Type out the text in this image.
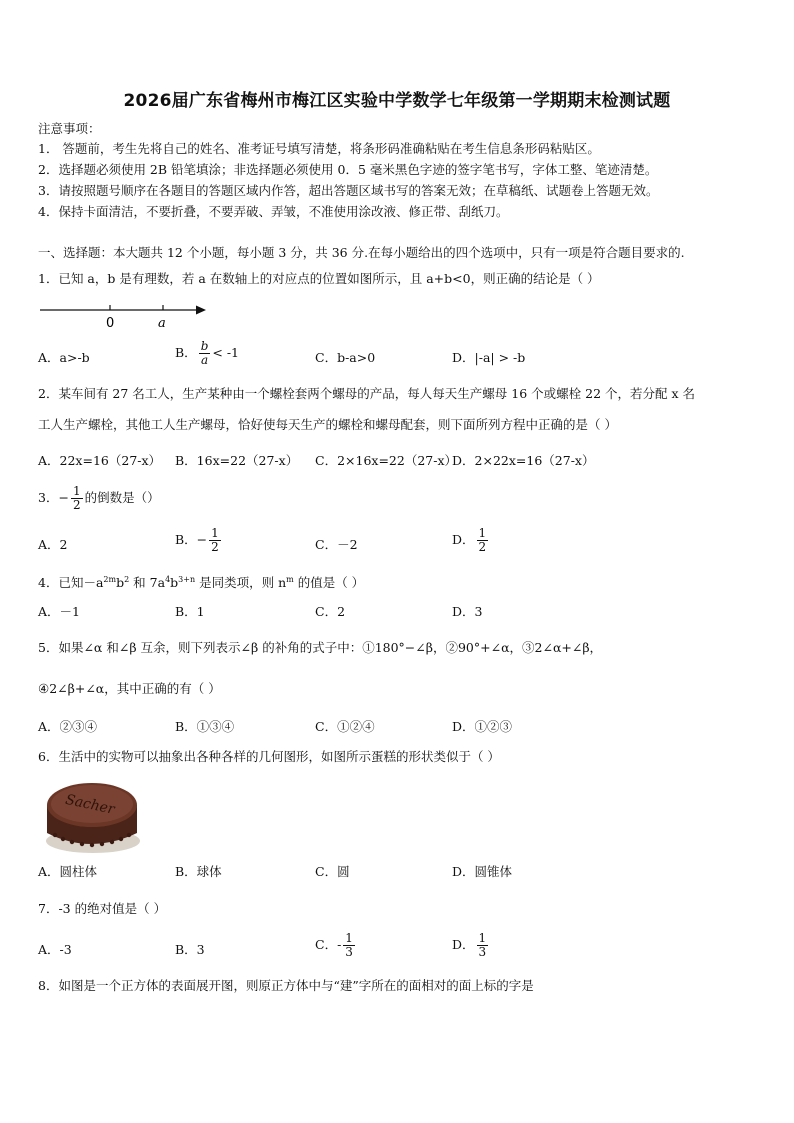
2026届广东省梅州市梅江区实验中学数学七年级第一学期期末检测试题
注意事项：
1． 答题前，考生先将自己的姓名、准考证号填写清楚，将条形码准确粘贴在考生信息条形码粘贴区。
2．选择题必须使用 2B 铅笔填涂；非选择题必须使用 0．5 毫米黑色字迹的签字笔书写，字体工整、笔迹清楚。
3．请按照题号顺序在各题目的答题区域内作答，超出答题区域书写的答案无效；在草稿纸、试题卷上答题无效。
4．保持卡面清洁，不要折叠，不要弄破、弄皱，不准使用涂改液、修正带、刮纸刀。
一、选择题：本大题共 12 个小题，每小题 3 分，共 36 分.在每小题给出的四个选项中，只有一项是符合题目要求的.
1．已知 a，b 是有理数，若 a 在数轴上的对应点的位置如图所示，且 a+b<0，则正确的结论是（ ）
0	a
A．a>-b	B． $\frac{b}{a} < -1$	C．b-a>0	D．|-a| > -b
2．某车间有 27 名工人，生产某种由一个螺栓套两个螺母的产品，每人每天生产螺母 16 个或螺栓 22 个，若分配 x 名
工人生产螺栓，其他工人生产螺母，恰好使每天生产的螺栓和螺母配套，则下面所列方程中正确的是（ ）
A．22x=16（27-x） B．16x=22（27-x） C．2×16x=22（27-x）
D．2×22x=16（27-x）
3．− $\frac{1}{2}$ 的倒数是（）
A．2	B．− $\frac{1}{2}$	C．－2	D． $\frac{1}{2}$
4．已知$-a^{2m}b^2$ 和 $7a^4b^{3+n}$ 是同类项，则 $n^m$ 的值是（ ）
A．－1	B．1	C．2	D．3
5．如果∠α 和∠β 互余，则下列表示∠β 的补角的式子中：①180°−∠β，②90°+∠α，③2∠α+∠β，
④2∠β+∠α，其中正确的有（ ）
A．②③④	B．①③④	C．①②④	D．①②③
6．生活中的实物可以抽象出各种各样的几何图形，如图所示蛋糕的形状类似于（ ）
Sacher
A．圆柱体	B．球体	C．圆	D．圆锥体
7．-3 的绝对值是（ ）
A．-3	B．3	C．- $\frac{1}{3}$	D． $\frac{1}{3}$
8．如图是一个正方体的表面展开图，则原正方体中与“建”字所在的面相对的面上标的字是
